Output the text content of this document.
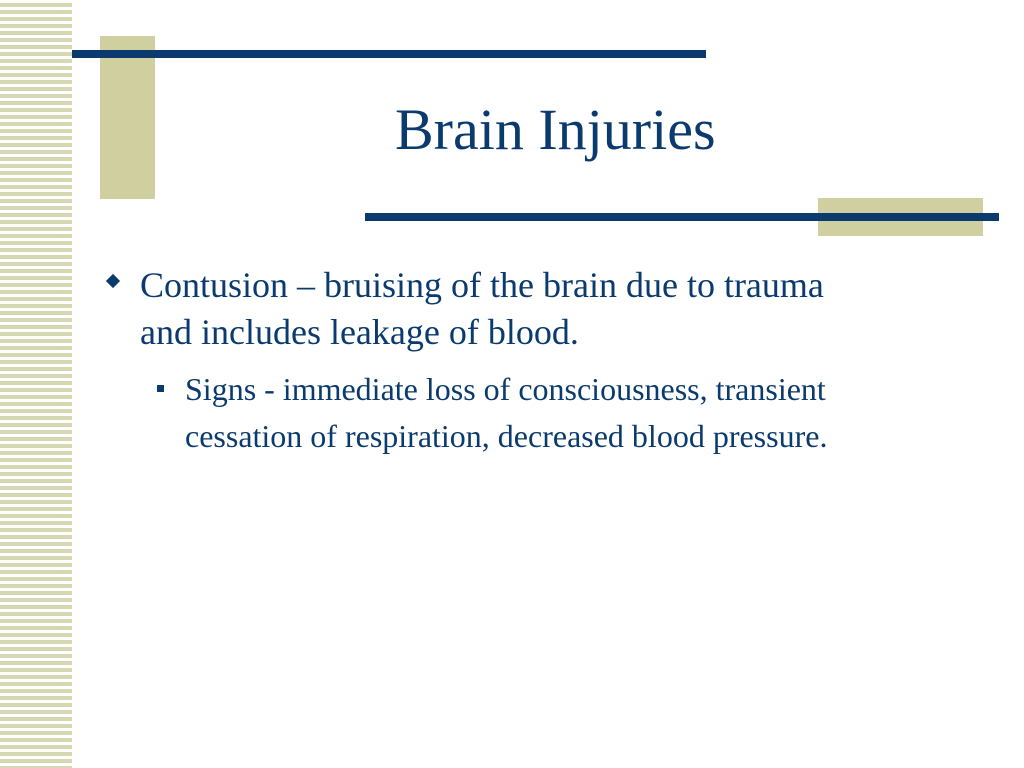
Brain Injuries
Contusion – bruising of the brain due to trauma and includes leakage of blood.
Signs - immediate loss of consciousness, transient cessation of respiration, decreased blood pressure.
